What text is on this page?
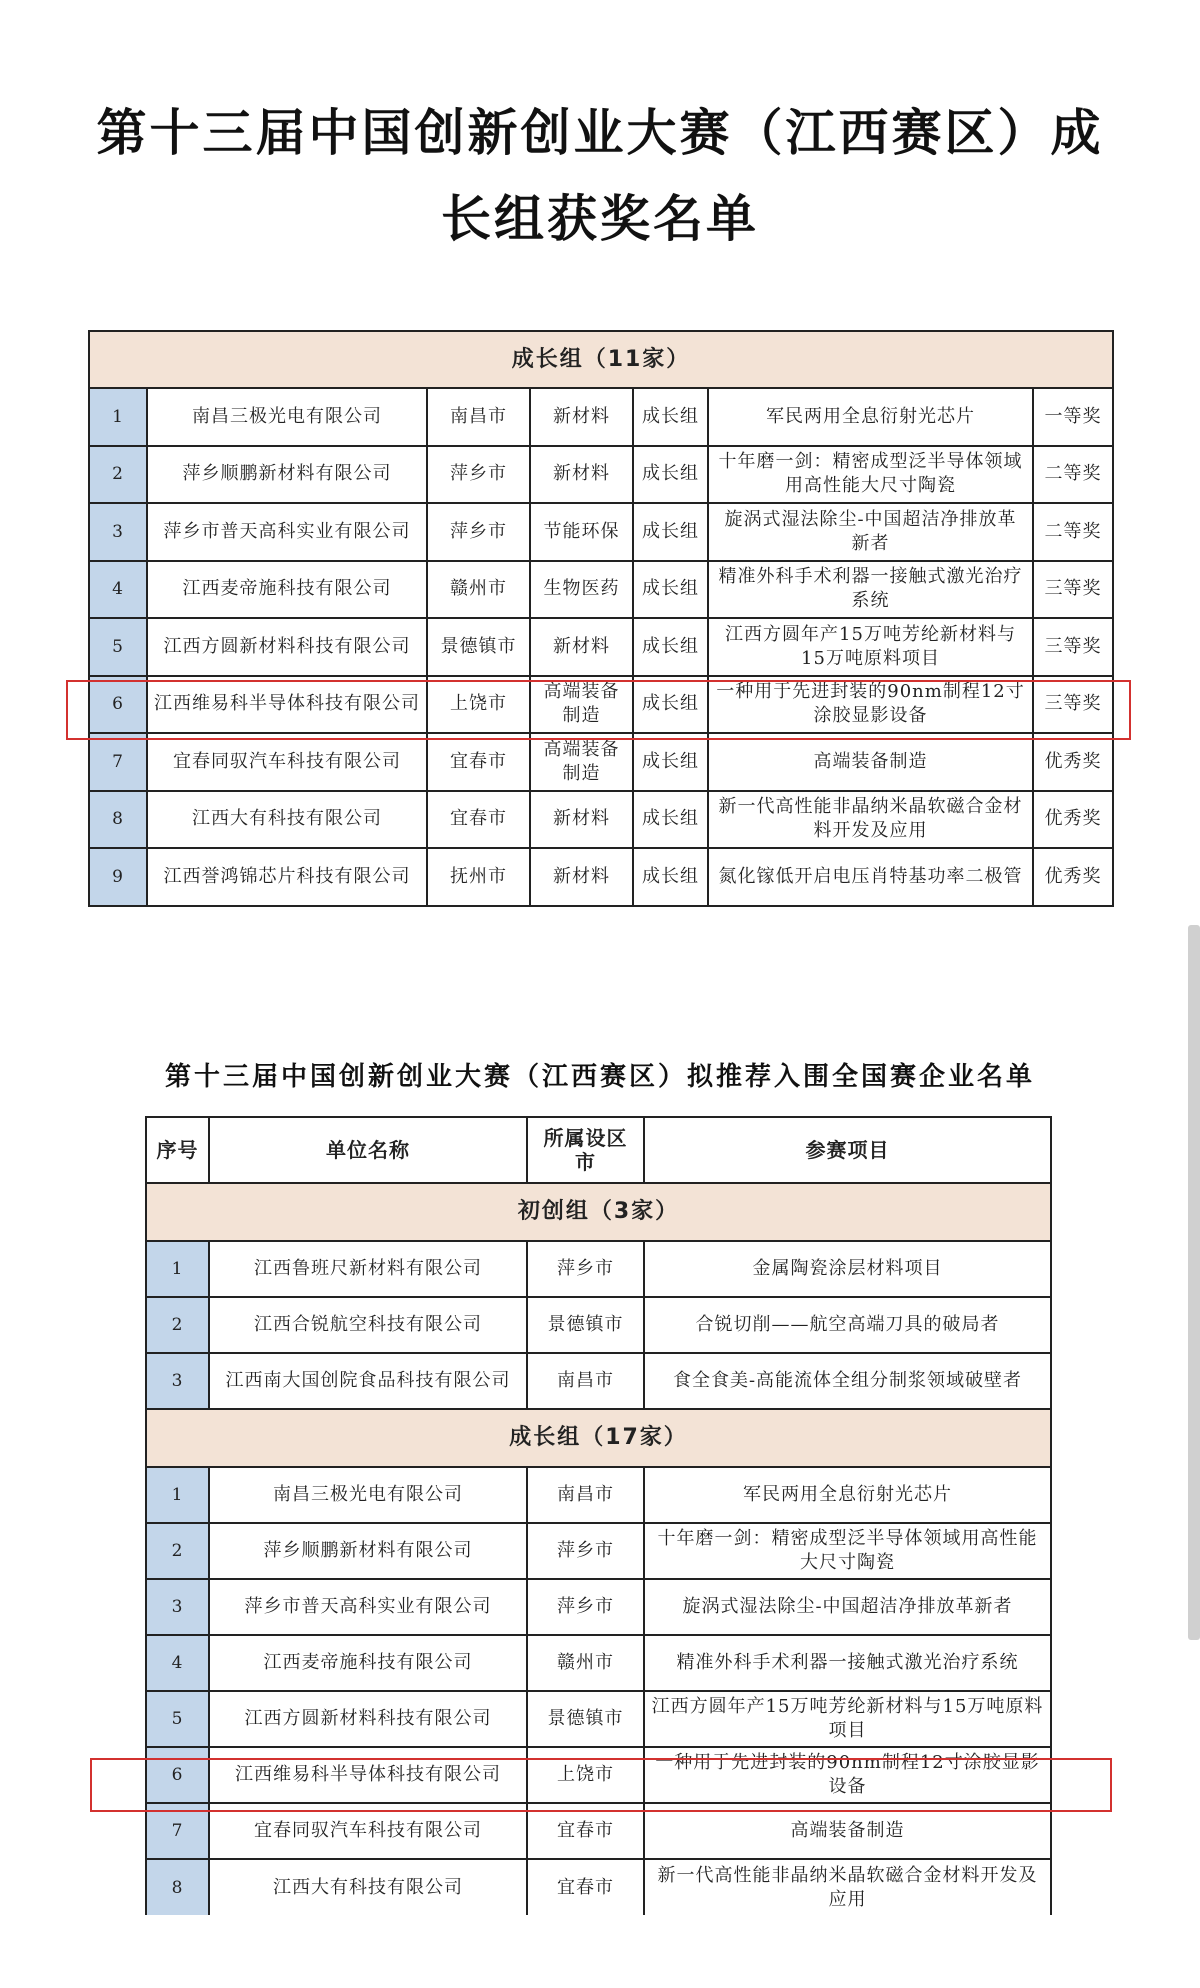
第十三届中国创新创业大赛（江西赛区）成
长组获奖名单
成长组（11家）						
1	南昌三极光电有限公司	南昌市	新材料	成长组	军民两用全息衍射光芯片	一等奖
2	萍乡顺鹏新材料有限公司	萍乡市	新材料	成长组	十年磨一剑：精密成型泛半导体领域用高性能大尺寸陶瓷	二等奖
3	萍乡市普天高科实业有限公司	萍乡市	节能环保	成长组	旋涡式湿法除尘-中国超洁净排放革新者	二等奖
4	江西麦帝施科技有限公司	赣州市	生物医药	成长组	精准外科手术利器一接触式激光治疗系统	三等奖
5	江西方圆新材料科技有限公司	景德镇市	新材料	成长组	江西方圆年产15万吨芳纶新材料与15万吨原料项目	三等奖
6	江西维易科半导体科技有限公司	上饶市	高端装备制造	成长组	一种用于先进封装的90nm制程12寸涂胶显影设备	三等奖
7	宜春同驭汽车科技有限公司	宜春市	高端装备制造	成长组	高端装备制造	优秀奖
8	江西大有科技有限公司	宜春市	新材料	成长组	新一代高性能非晶纳米晶软磁合金材料开发及应用	优秀奖
9	江西誉鸿锦芯片科技有限公司	抚州市	新材料	成长组	氮化镓低开启电压肖特基功率二极管	优秀奖
第十三届中国创新创业大赛（江西赛区）拟推荐入围全国赛企业名单
序号	单位名称	所属设区市	参赛项目
初创组（3家）			
1	江西鲁班尺新材料有限公司	萍乡市	金属陶瓷涂层材料项目
2	江西合锐航空科技有限公司	景德镇市	合锐切削——航空高端刀具的破局者
3	江西南大国创院食品科技有限公司	南昌市	食全食美-高能流体全组分制浆领域破壁者
成长组（17家）			
1	南昌三极光电有限公司	南昌市	军民两用全息衍射光芯片
2	萍乡顺鹏新材料有限公司	萍乡市	十年磨一剑：精密成型泛半导体领域用高性能大尺寸陶瓷
3	萍乡市普天高科实业有限公司	萍乡市	旋涡式湿法除尘-中国超洁净排放革新者
4	江西麦帝施科技有限公司	赣州市	精准外科手术利器一接触式激光治疗系统
5	江西方圆新材料科技有限公司	景德镇市	江西方圆年产15万吨芳纶新材料与15万吨原料项目
6	江西维易科半导体科技有限公司	上饶市	一种用于先进封装的90nm制程12寸涂胶显影设备
7	宜春同驭汽车科技有限公司	宜春市	高端装备制造
8	江西大有科技有限公司	宜春市	新一代高性能非晶纳米晶软磁合金材料开发及应用
